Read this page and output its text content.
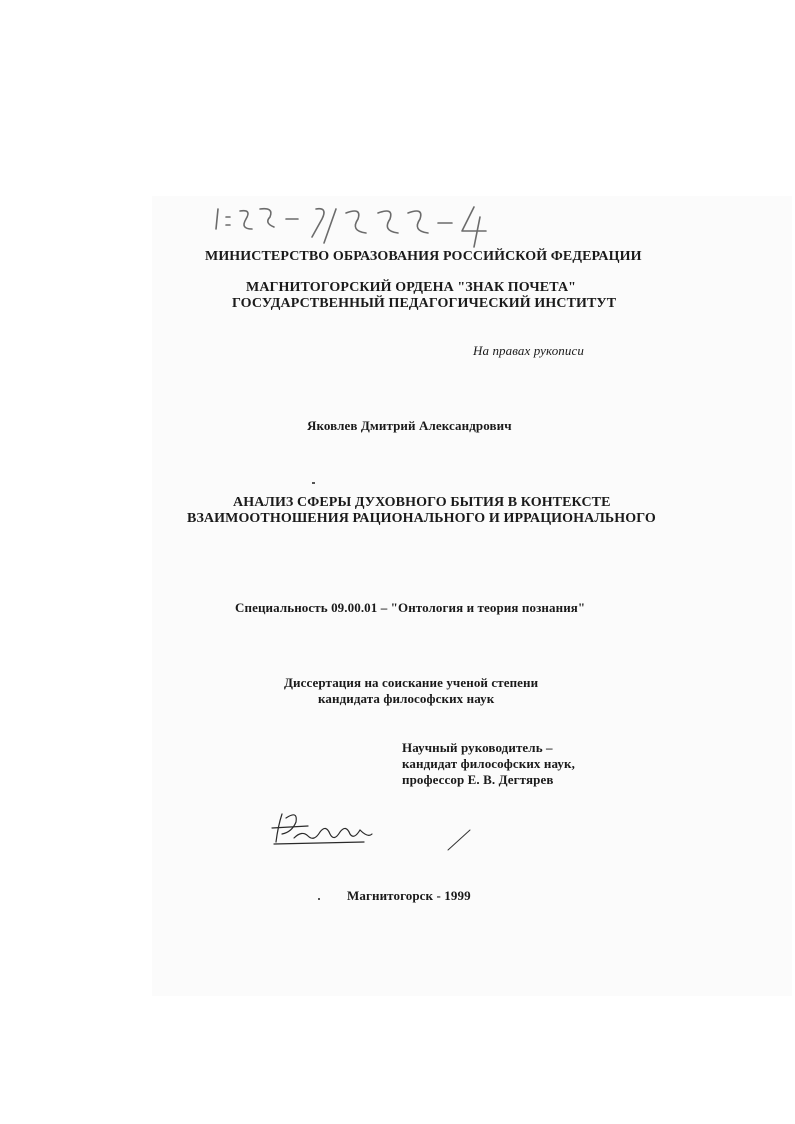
МИНИСТЕРСТВО ОБРАЗОВАНИЯ РОССИЙСКОЙ ФЕДЕРАЦИИ
МАГНИТОГОРСКИЙ ОРДЕНА "ЗНАК ПОЧЕТА"
ГОСУДАРСТВЕННЫЙ ПЕДАГОГИЧЕСКИЙ ИНСТИТУТ
На правах рукописи
Яковлев Дмитрий Александрович
АНАЛИЗ СФЕРЫ ДУХОВНОГО БЫТИЯ В КОНТЕКСТЕ
ВЗАИМООТНОШЕНИЯ РАЦИОНАЛЬНОГО И ИРРАЦИОНАЛЬНОГО
Специальность 09.00.01 – "Онтология и теория познания"
Диссертация на соискание ученой степени
кандидата философских наук
Научный руководитель –
кандидат философских наук,
профессор Е. В. Дегтярев
Магнитогорск - 1999
